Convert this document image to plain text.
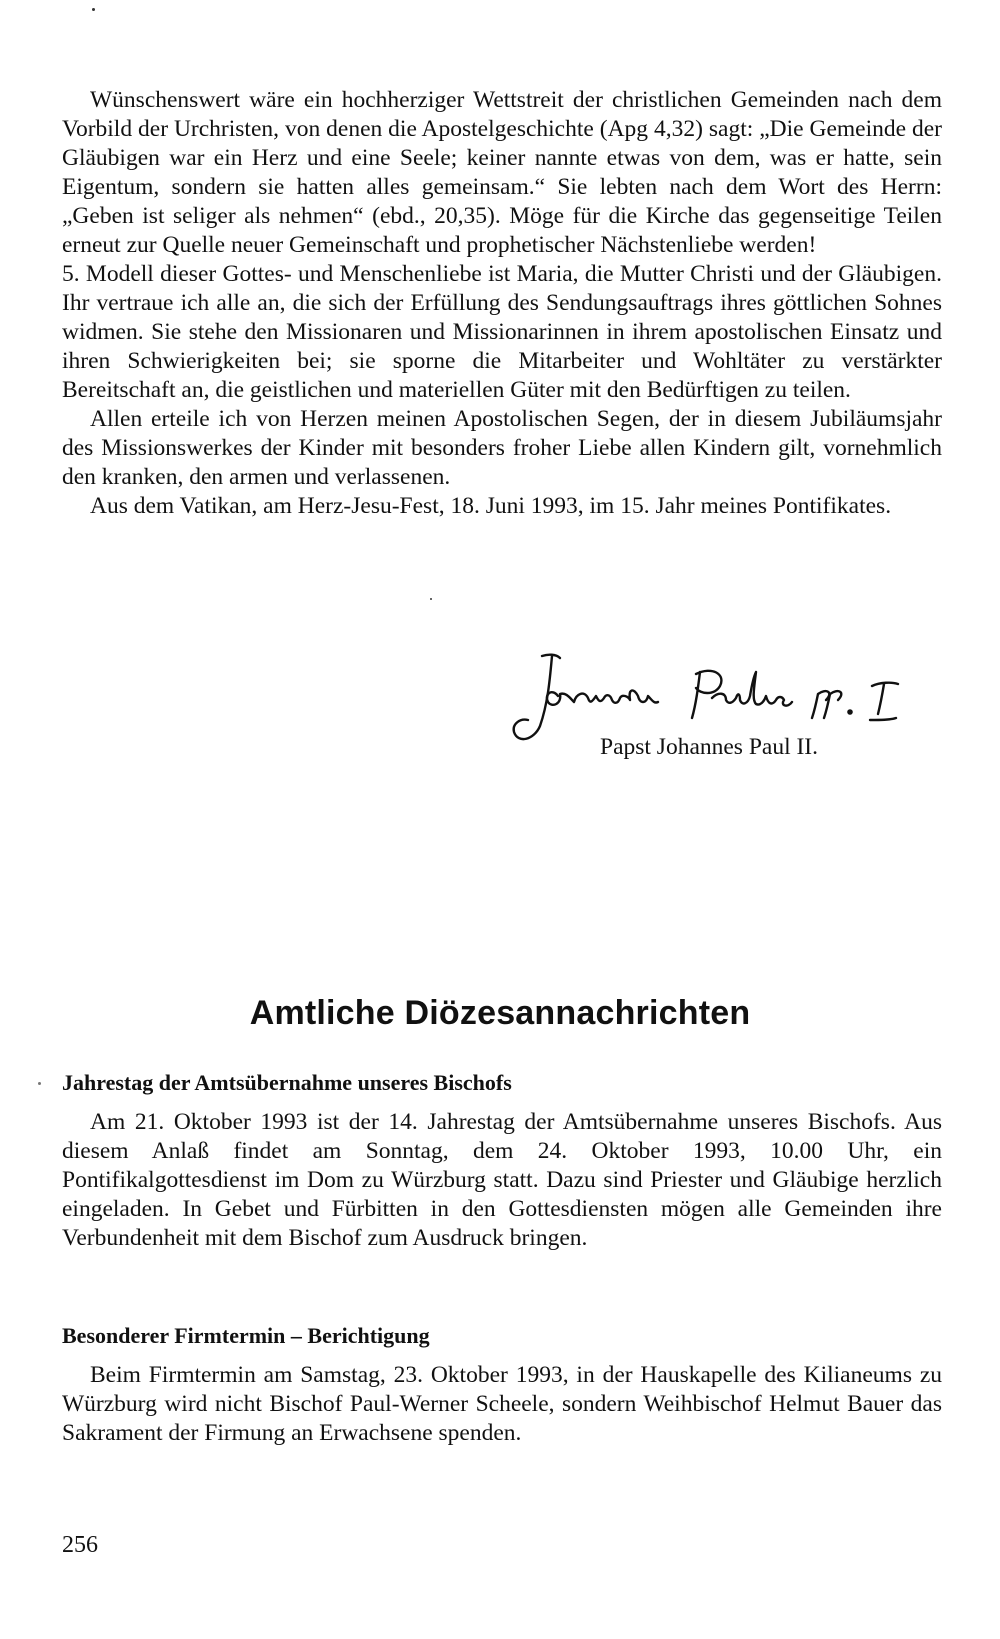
Wünschenswert wäre ein hochherziger Wettstreit der christlichen Gemeinden nach dem Vorbild der Urchristen, von denen die Apostelgeschichte (Apg 4,32) sagt: „Die Gemeinde der Gläubigen war ein Herz und eine Seele; keiner nannte etwas von dem, was er hatte, sein Eigentum, sondern sie hatten alles gemeinsam.“ Sie lebten nach dem Wort des Herrn: „Geben ist seliger als nehmen“ (ebd., 20,35). Möge für die Kirche das gegenseitige Teilen erneut zur Quelle neuer Gemeinschaft und prophetischer Nächstenliebe werden!

5. Modell dieser Gottes- und Menschenliebe ist Maria, die Mutter Christi und der Gläubigen. Ihr vertraue ich alle an, die sich der Erfüllung des Sendungsauftrags ihres göttlichen Sohnes widmen. Sie stehe den Missionaren und Missionarinnen in ihrem apostolischen Einsatz und ihren Schwierigkeiten bei; sie sporne die Mitarbeiter und Wohltäter zu verstärkter Bereitschaft an, die geistlichen und materiellen Güter mit den Bedürftigen zu teilen.

Allen erteile ich von Herzen meinen Apostolischen Segen, der in diesem Jubiläumsjahr des Missionswerkes der Kinder mit besonders froher Liebe allen Kindern gilt, vornehmlich den kranken, den armen und verlassenen.

Aus dem Vatikan, am Herz-Jesu-Fest, 18. Juni 1993, im 15. Jahr meines Pontifikates.

Papst Johannes Paul II.

Amtliche Diözesannachrichten

Jahrestag der Amtsübernahme unseres Bischofs

Am 21. Oktober 1993 ist der 14. Jahrestag der Amtsübernahme unseres Bischofs. Aus diesem Anlaß findet am Sonntag, dem 24. Oktober 1993, 10.00 Uhr, ein Pontifikalgottesdienst im Dom zu Würzburg statt. Dazu sind Priester und Gläubige herzlich eingeladen. In Gebet und Fürbitten in den Gottesdiensten mögen alle Gemeinden ihre Verbundenheit mit dem Bischof zum Ausdruck bringen.

Besonderer Firmtermin – Berichtigung

Beim Firmtermin am Samstag, 23. Oktober 1993, in der Hauskapelle des Kilianeums zu Würzburg wird nicht Bischof Paul-Werner Scheele, sondern Weihbischof Helmut Bauer das Sakrament der Firmung an Erwachsene spenden.

256
